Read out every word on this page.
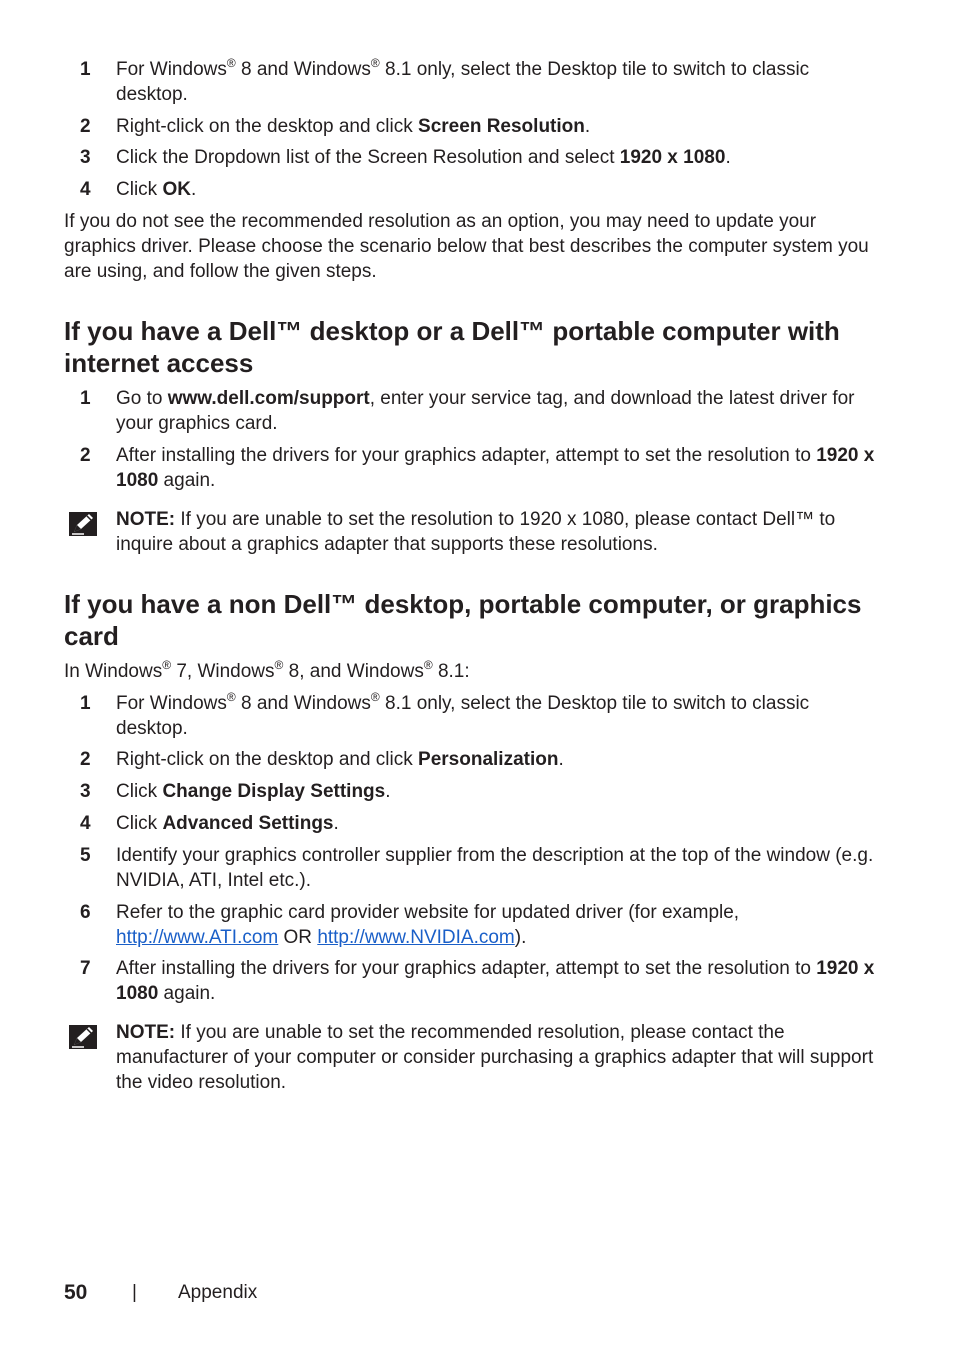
1	For Windows® 8 and Windows® 8.1 only, select the Desktop tile to switch to classic desktop.
2	Right-click on the desktop and click Screen Resolution.
3	Click the Dropdown list of the Screen Resolution and select 1920 x 1080.
4	Click OK.

If you do not see the recommended resolution as an option, you may need to update your graphics driver. Please choose the scenario below that best describes the computer system you are using, and follow the given steps.

If you have a Dell™ desktop or a Dell™ portable computer with internet access
1	Go to www.dell.com/support, enter your service tag, and download the latest driver for your graphics card.
2	After installing the drivers for your graphics adapter, attempt to set the resolution to 1920 x 1080 again.
NOTE: If you are unable to set the resolution to 1920 x 1080, please contact Dell™ to inquire about a graphics adapter that supports these resolutions.
If you have a non Dell™ desktop, portable computer, or graphics card

In Windows® 7, Windows® 8, and Windows® 8.1:

1	For Windows® 8 and Windows® 8.1 only, select the Desktop tile to switch to classic desktop.
2	Right-click on the desktop and click Personalization.
3	Click Change Display Settings.
4	Click Advanced Settings.
5	Identify your graphics controller supplier from the description at the top of the window (e.g. NVIDIA, ATI, Intel etc.).
6	Refer to the graphic card provider website for updated driver (for example, http://www.ATI.com OR http://www.NVIDIA.com).
7	After installing the drivers for your graphics adapter, attempt to set the resolution to 1920 x 1080 again.
NOTE: If you are unable to set the recommended resolution, please contact the manufacturer of your computer or consider purchasing a graphics adapter that will support the video resolution.
50 | Appendix
